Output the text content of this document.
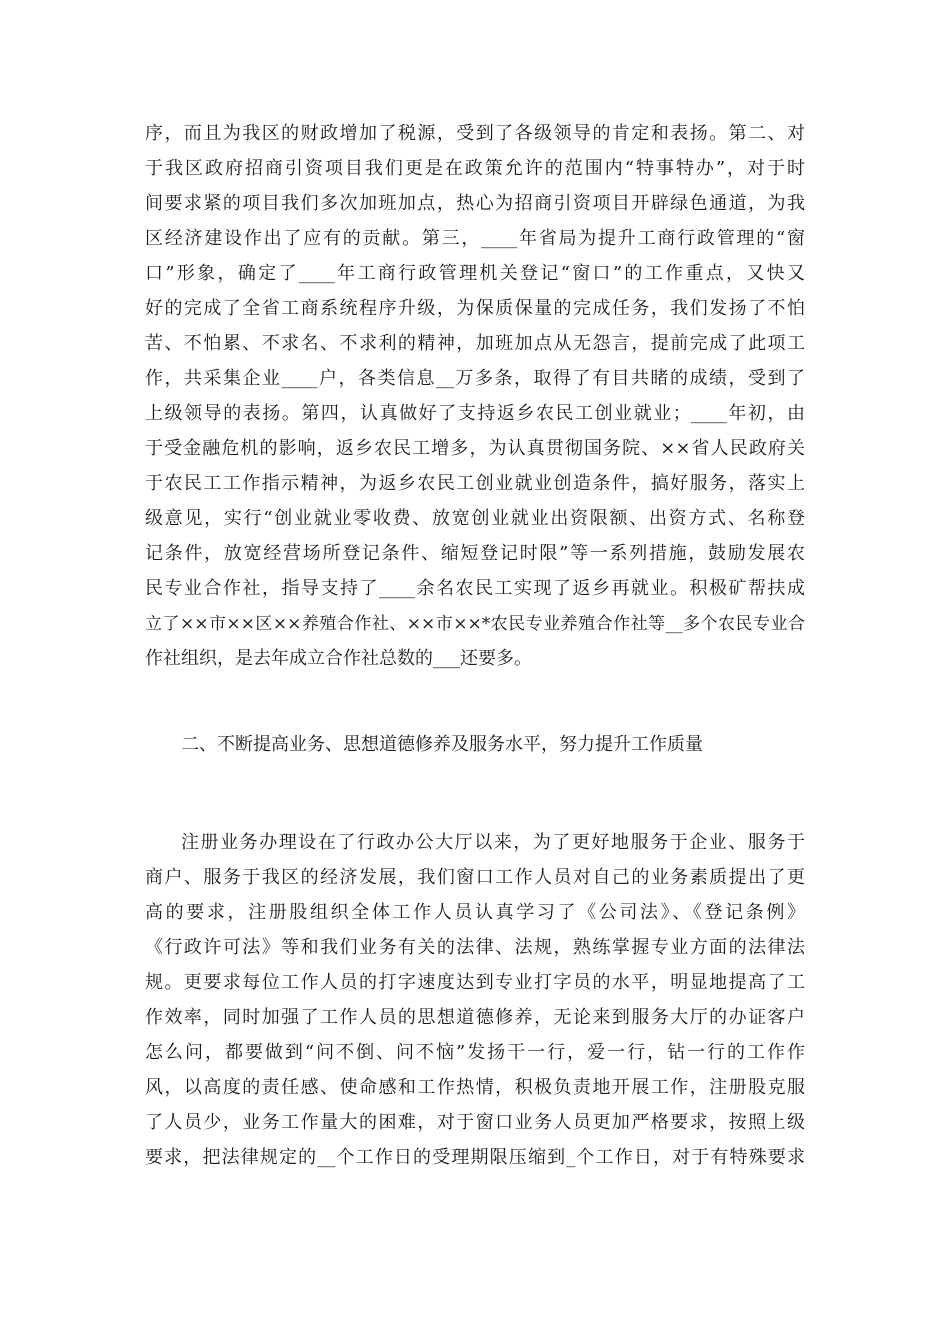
序，而且为我区的财政增加了税源，受到了各级领导的肯定和表扬。第二、对
于我区政府招商引资项目我们更是在政策允许的范围内“特事特办”，对于时
间要求紧的项目我们多次加班加点，热心为招商引资项目开辟绿色通道，为我
区经济建设作出了应有的贡献。第三，____年省局为提升工商行政管理的“窗
口”形象，确定了____年工商行政管理机关登记“窗口”的工作重点，又快又
好的完成了全省工商系统程序升级，为保质保量的完成任务，我们发扬了不怕
苦、不怕累、不求名、不求利的精神，加班加点从无怨言，提前完成了此项工
作，共采集企业____户，各类信息__万多条，取得了有目共睹的成绩，受到了
上级领导的表扬。第四，认真做好了支持返乡农民工创业就业；____年初，由
于受金融危机的影响，返乡农民工增多，为认真贯彻国务院、××省人民政府关
于农民工工作指示精神，为返乡农民工创业就业创造条件，搞好服务，落实上
级意见，实行“创业就业零收费、放宽创业就业出资限额、出资方式、名称登
记条件，放宽经营场所登记条件、缩短登记时限”等一系列措施，鼓励发展农
民专业合作社，指导支持了____余名农民工实现了返乡再就业。积极矿帮扶成
立了××市××区××养殖合作社、××市××*农民专业养殖合作社等__多个农民专业合
作社组织，是去年成立合作社总数的___还要多。
二、不断提高业务、思想道德修养及服务水平，努力提升工作质量
注册业务办理设在了行政办公大厅以来，为了更好地服务于企业、服务于
商户、服务于我区的经济发展，我们窗口工作人员对自己的业务素质提出了更
高的要求，注册股组织全体工作人员认真学习了《公司法》、《登记条例》
《行政许可法》等和我们业务有关的法律、法规，熟练掌握专业方面的法律法
规。更要求每位工作人员的打字速度达到专业打字员的水平，明显地提高了工
作效率，同时加强了工作人员的思想道德修养，无论来到服务大厅的办证客户
怎么问，都要做到“问不倒、问不恼”发扬干一行，爱一行，钻一行的工作作
风，以高度的责任感、使命感和工作热情，积极负责地开展工作，注册股克服
了人员少，业务工作量大的困难，对于窗口业务人员更加严格要求，按照上级
要求，把法律规定的__个工作日的受理期限压缩到_个工作日，对于有特殊要求
